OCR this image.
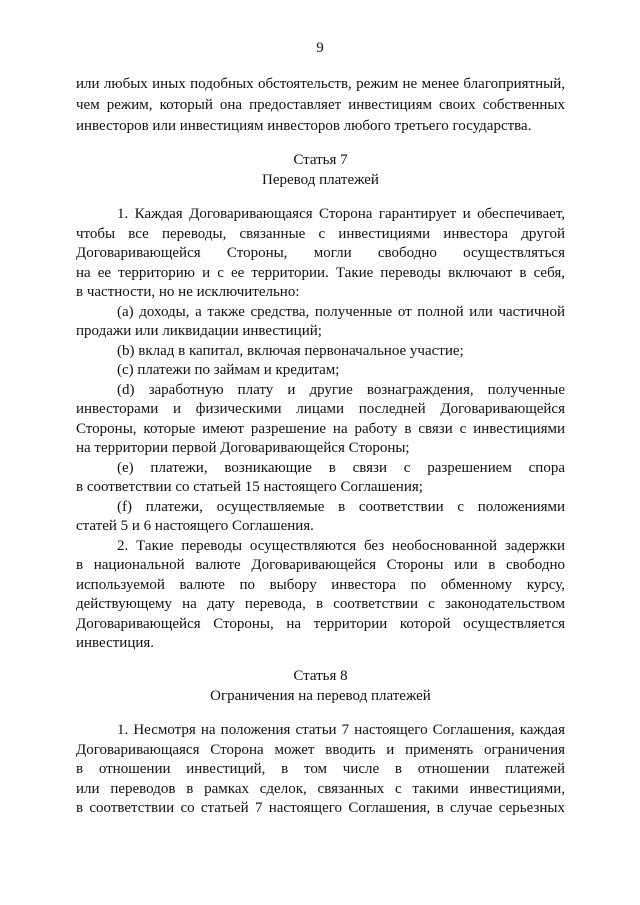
9
или любых иных подобных обстоятельств, режим не менее благоприятный,
чем режим, который она предоставляет инвестициям своих собственных
инвесторов или инвестициям инвесторов любого третьего государства.
Статья 7
Перевод платежей
1. Каждая Договаривающаяся Сторона гарантирует и обеспечивает,
чтобы все переводы, связанные с инвестициями инвестора другой
Договаривающейся Стороны, могли свободно осуществляться
на ее территорию и с ее территории. Такие переводы включают в себя,
в частности, но не исключительно:
(a) доходы, а также средства, полученные от полной или частичной
продажи или ликвидации инвестиций;
(b) вклад в капитал, включая первоначальное участие;
(c) платежи по займам и кредитам;
(d) заработную плату и другие вознаграждения, полученные
инвесторами и физическими лицами последней Договаривающейся
Стороны, которые имеют разрешение на работу в связи с инвестициями
на территории первой Договаривающейся Стороны;
(e) платежи, возникающие в связи с разрешением спора
в соответствии со статьей 15 настоящего Соглашения;
(f) платежи, осуществляемые в соответствии с положениями
статей 5 и 6 настоящего Соглашения.
2. Такие переводы осуществляются без необоснованной задержки
в национальной валюте Договаривающейся Стороны или в свободно
используемой валюте по выбору инвестора по обменному курсу,
действующему на дату перевода, в соответствии с законодательством
Договаривающейся Стороны, на территории которой осуществляется
инвестиция.
Статья 8
Ограничения на перевод платежей
1. Несмотря на положения статьи 7 настоящего Соглашения, каждая
Договаривающаяся Сторона может вводить и применять ограничения
в отношении инвестиций, в том числе в отношении платежей
или переводов в рамках сделок, связанных с такими инвестициями,
в соответствии со статьей 7 настоящего Соглашения, в случае серьезных
